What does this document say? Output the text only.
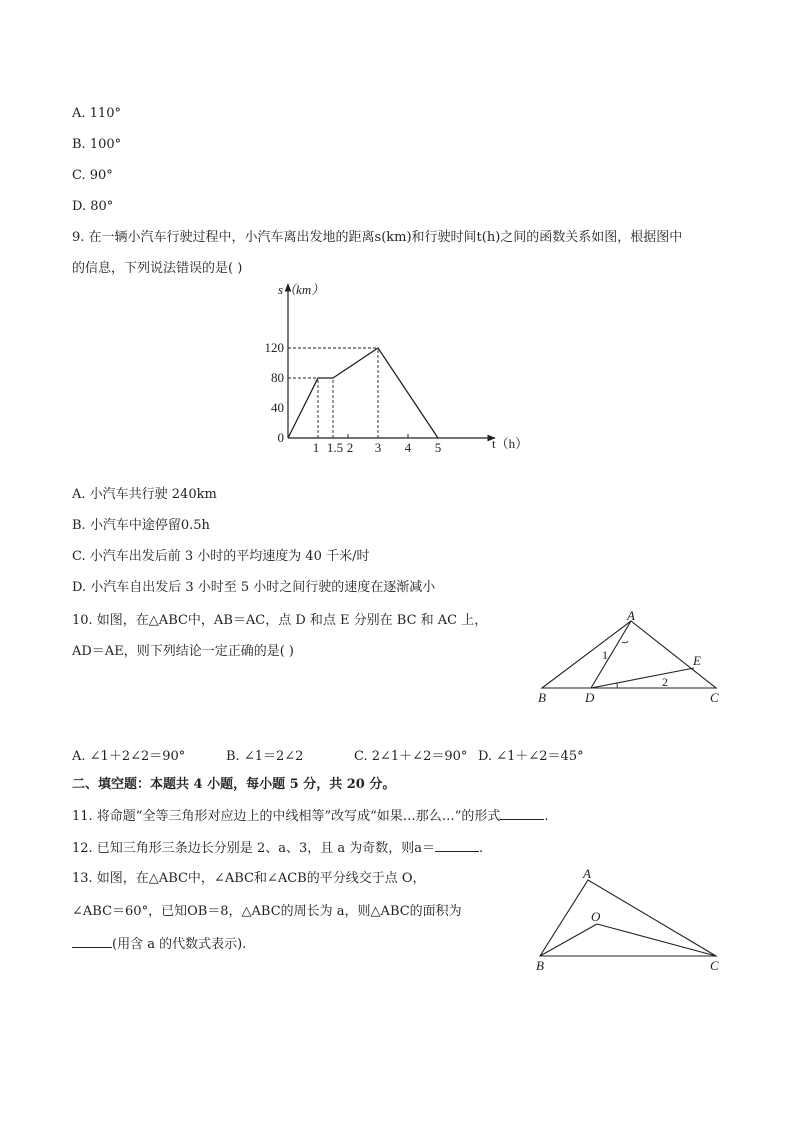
A. 110°
B. 100°
C. 90°
D. 80°
9. 在一辆小汽车行驶过程中，小汽车离出发地的距离s(km)和行驶时间t(h)之间的函数关系如图，根据图中
的信息，下列说法错误的是( )
1 1.5 2 3 4 5
0
40
80
120
s（km）
t（h）
A. 小汽车共行驶 240km
B. 小汽车中途停留0.5h
C. 小汽车出发后前 3 小时的平均速度为 40 千米/时
D. 小汽车自出发后 3 小时至 5 小时之间行驶的速度在逐渐减小
10. 如图，在△ABC中，AB＝AC，点 D 和点 E 分别在 BC 和 AC 上，
AD＝AE，则下列结论一定正确的是( )
A
B	C
D
E
1
2
A. ∠1＋2∠2＝90°	B. ∠1＝2∠2	C. 2∠1＋∠2＝90° D. ∠1＋∠2＝45°
二、填空题：本题共 4 小题，每小题 5 分，共 20 分。
11. 将命题“全等三角形对应边上的中线相等”改写成“如果…那么…”的形式	.
12. 已知三角形三条边长分别是 2、a、3，且 a 为奇数，则a＝	.
13. 如图，在△ABC中，∠ABC和∠ACB的平分线交于点 O，
∠ABC＝60°，已知OB＝8，△ABC的周长为 a，则△ABC的面积为
(用含 a 的代数式表示).
A
B	C
O
